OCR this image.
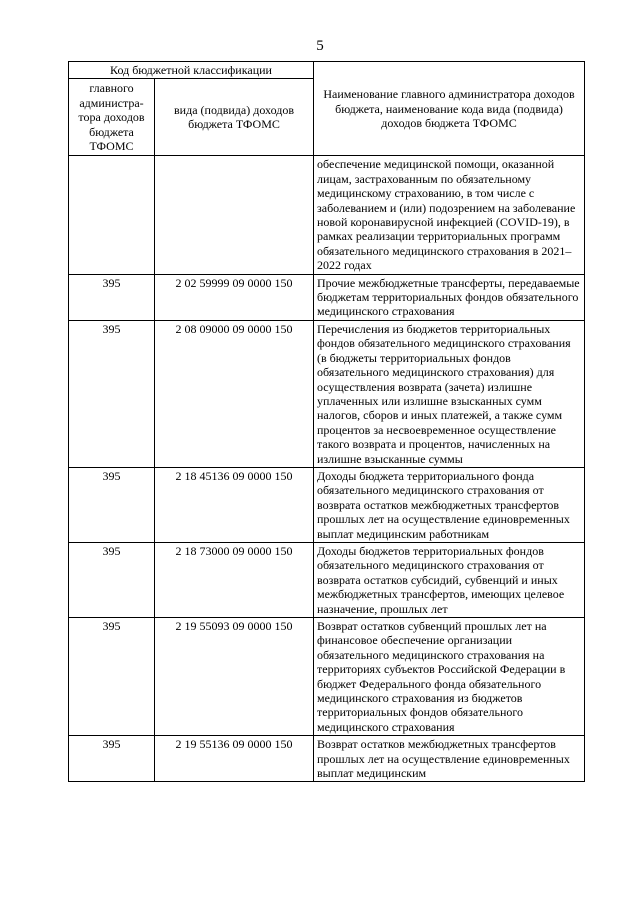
5
Код бюджетной классификации		Наименование главного администратора доходов бюджета, наименование кода вида (подвида) доходов бюджета ТФОМС
главного администра-тора доходов бюджета ТФОМС	вида (подвида) доходов бюджета ТФОМС	
		обеспечение медицинской помощи, оказанной лицам, застрахованным по обязательному медицинскому страхованию, в том числе с заболеванием и (или) подозрением на заболевание новой коронавирусной инфекцией (COVID-19), в рамках реализации территориальных программ обязательного медицинского страхования в 2021–2022 годах
395	2 02 59999 09 0000 150	Прочие межбюджетные трансферты, передаваемые бюджетам территориальных фондов обязательного медицинского страхования
395	2 08 09000 09 0000 150	Перечисления из бюджетов территориальных фондов обязательного медицинского страхования (в бюджеты территориальных фондов обязательного медицинского страхования) для осуществления возврата (зачета) излишне уплаченных или излишне взысканных сумм налогов, сборов и иных платежей, а также сумм процентов за несвоевременное осуществление такого возврата и процентов, начисленных на излишне взысканные суммы
395	2 18 45136 09 0000 150	Доходы бюджета территориального фонда обязательного медицинского страхования от возврата остатков межбюджетных трансфертов прошлых лет на осуществление единовременных выплат медицинским работникам
395	2 18 73000 09 0000 150	Доходы бюджетов территориальных фондов обязательного медицинского страхования от возврата остатков субсидий, субвенций и иных межбюджетных трансфертов, имеющих целевое назначение, прошлых лет
395	2 19 55093 09 0000 150	Возврат остатков субвенций прошлых лет на финансовое обеспечение организации обязательного медицинского страхования на территориях субъектов Российской Федерации в бюджет Федерального фонда обязательного медицинского страхования из бюджетов территориальных фондов обязательного медицинского страхования
395	2 19 55136 09 0000 150	Возврат остатков межбюджетных трансфертов прошлых лет на осуществление единовременных выплат медицинским
